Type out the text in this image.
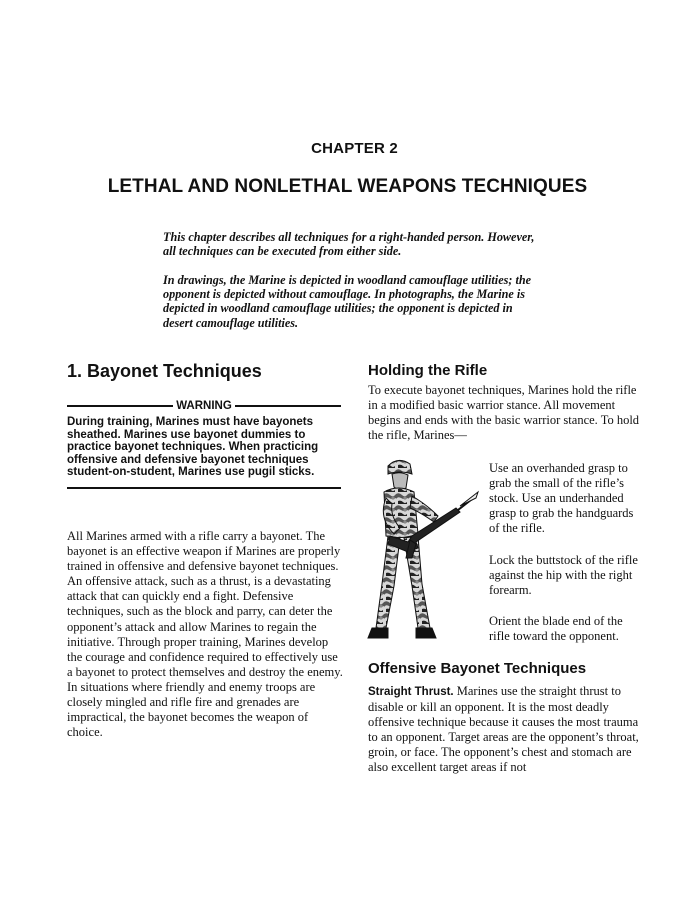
CHAPTER 2
LETHAL AND NONLETHAL WEAPONS TECHNIQUES

This chapter describes all techniques for a right-handed person. However, all techniques can be executed from either side.

In drawings, the Marine is depicted in woodland camouflage utilities; the opponent is depicted without camouflage. In photographs, the Marine is depicted in woodland camouflage utilities; the opponent is depicted in desert camouflage utilities.

1. Bayonet Techniques
WARNING
During training, Marines must have bayonets sheathed. Marines use bayonet dummies to practice bayonet techniques. When practicing offensive and defensive bayonet techniques student-on-student, Marines use pugil sticks.

All Marines armed with a rifle carry a bayonet. The bayonet is an effective weapon if Marines are properly trained in offensive and defensive bayonet techniques. An offensive attack, such as a thrust, is a devastating attack that can quickly end a fight. Defensive techniques, such as the block and parry, can deter the opponent’s attack and allow Marines to regain the initiative. Through proper training, Marines develop the courage and confidence required to effectively use a bayonet to protect themselves and destroy the enemy. In situations where friendly and enemy troops are closely mingled and rifle fire and grenades are impractical, the bayonet becomes the weapon of choice.

Holding the Rifle

To execute bayonet techniques, Marines hold the rifle in a modified basic warrior stance. All movement begins and ends with the basic warrior stance. To hold the rifle, Marines—

Use an overhanded grasp to grab the small of the rifle’s stock. Use an underhanded grasp to grab the handguards of the rifle.

Lock the buttstock of the rifle against the hip with the right forearm.

Orient the blade end of the rifle toward the opponent.

Offensive Bayonet Techniques

Straight Thrust. Marines use the straight thrust to disable or kill an opponent. It is the most deadly offensive technique because it causes the most trauma to an opponent. Target areas are the opponent’s throat, groin, or face. The opponent’s chest and stomach are also excellent target areas if not
